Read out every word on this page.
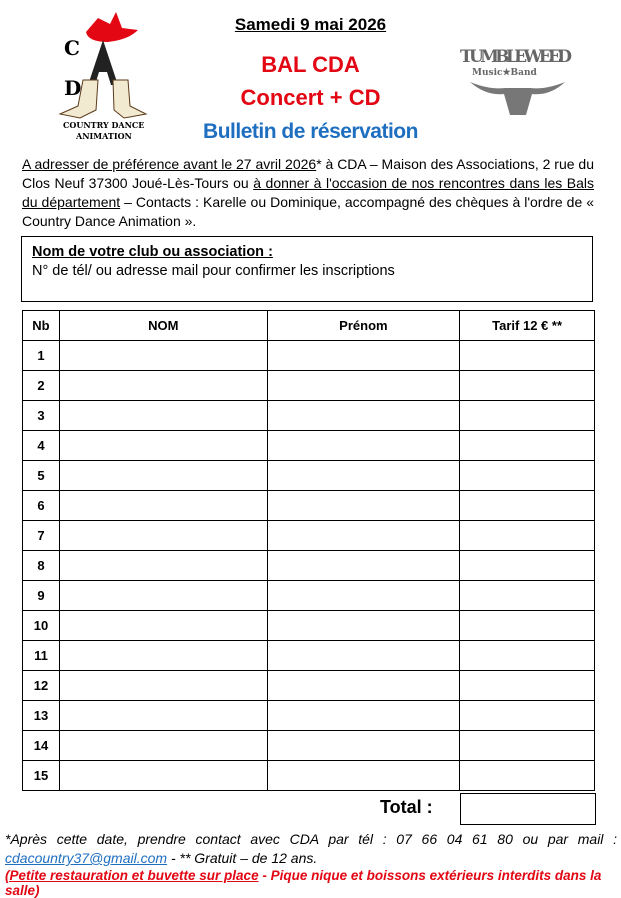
C
D
COUNTRY DANCE
ANIMATION
TUMBLEWEED
Music★Band
Samedi 9 mai 2026
BAL CDA
Concert + CD
Bulletin de réservation
A adresser de préférence avant le 27 avril 2026* à CDA – Maison des Associations, 2 rue du Clos Neuf 37300 Joué-Lès-Tours ou à donner à l'occasion de nos rencontres dans les Bals du département – Contacts : Karelle ou Dominique, accompagné des chèques à l'ordre de « Country Dance Animation ».
Nom de votre club ou association :
N° de tél/ ou adresse mail pour confirmer les inscriptions
Nb	NOM	Prénom	Tarif 12 € **
1			
2			
3			
4			
5			
6			
7			
8			
9			
10			
11			
12			
13			
14			
15			
Total :
*Après cette date, prendre contact avec CDA par tél : 07 66 04 61 80 ou par mail : cdacountry37@gmail.com - ** Gratuit – de 12 ans.
(Petite restauration et buvette sur place - Pique nique et boissons extérieurs interdits dans la salle)
